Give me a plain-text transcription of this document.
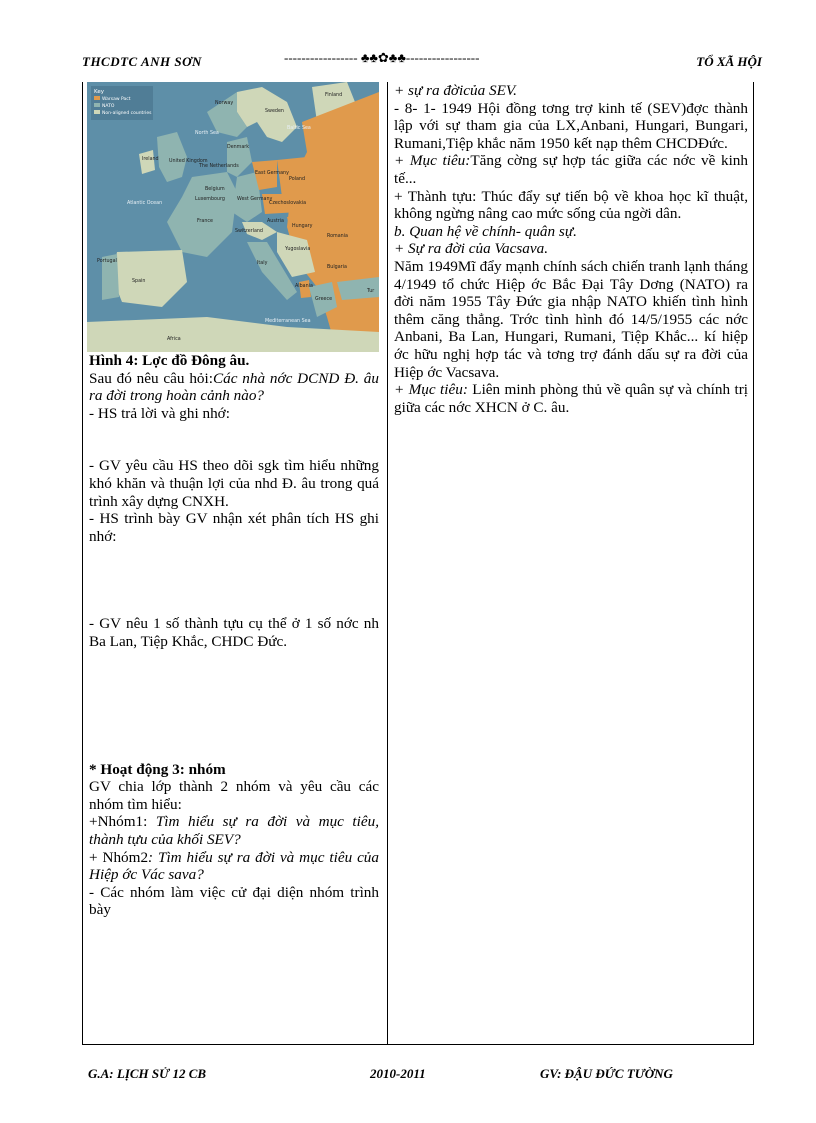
THCDTC ANH SƠN	----------------- ♣♣✿♣♣-----------------	TỔ XÃ HỘI
Key
Warsaw Pact
NATO
Non-aligned countries
Finland
Norway
Sweden
North Sea
Denmark
Baltic Sea
Ireland United Kingdom
The Netherlands
East Germany
Poland
Belgium
West Germany
Luxembourg
Czechoslovakia
Atlantic Ocean
France
Switzerland
Austria
Hungary
Romania
Yugoslavia
Portugal
Spain
Italy
Bulgaria
Albania
Greece
Tur
Africa
Mediterranean Sea

Hình 4: Lợc đồ Đông âu.

Sau đó nêu câu hỏi:Các nhà nớc DCND Đ. âu ra đời trong hoàn cảnh nào?

- HS trả lời và ghi nhớ:

- GV yêu cầu HS theo dõi sgk tìm hiểu những khó khăn và thuận lợi của nhd Đ. âu trong quá trình xây dựng CNXH.

- HS trình bày GV nhận xét phân tích HS ghi nhớ:

- GV nêu 1 số thành tựu cụ thể ở 1 số nớc nh Ba Lan, Tiệp Khắc, CHDC Đức.

* Hoạt động 3: nhóm

GV chia lớp thành 2 nhóm và yêu cầu các nhóm tìm hiểu:

+Nhóm1: Tìm hiểu sự ra đời và mục tiêu, thành tựu của khối SEV?

+ Nhóm2: Tìm hiểu sự ra đời và mục tiêu của Hiệp ớc Vác sava?

- Các nhóm làm việc cử đại diện nhóm trình bày

+ sự ra đờicủa SEV.

- 8- 1- 1949 Hội đồng tơng trợ kinh tế (SEV)đợc thành lập với sự tham gia của LX,Anbani, Hungari, Bungari, Rumani,Tiệp khắc năm 1950 kết nạp thêm CHCDĐức.

+ Mục tiêu:Tăng cờng sự hợp tác giữa các nớc về kinh tế...

+ Thành tựu: Thúc đẩy sự tiến bộ về khoa học kĩ thuật, không ngừng nâng cao mức sống của ngời dân.

b. Quan hệ về chính- quân sự.

+ Sự ra đời của Vacsava.

Năm 1949Mĩ đẩy mạnh chính sách chiến tranh lạnh tháng 4/1949 tổ chức Hiệp ớc Bắc Đại Tây Dơng (NATO) ra đời năm 1955 Tây Đức gia nhập NATO khiến tình hình thêm căng thẳng. Trớc tình hình đó 14/5/1955 các nớc Anbani, Ba Lan, Hungari, Rumani, Tiệp Khắc... kí hiệp ớc hữu nghị hợp tác và tơng trợ đánh dấu sự ra đời của Hiệp ớc Vacsava.

+ Mục tiêu: Liên minh phòng thủ về quân sự và chính trị giữa các nớc XHCN ở C. âu.

G.A: LỊCH SỬ 12 CB	2010-2011	GV: ĐẬU ĐỨC TƯỜNG
